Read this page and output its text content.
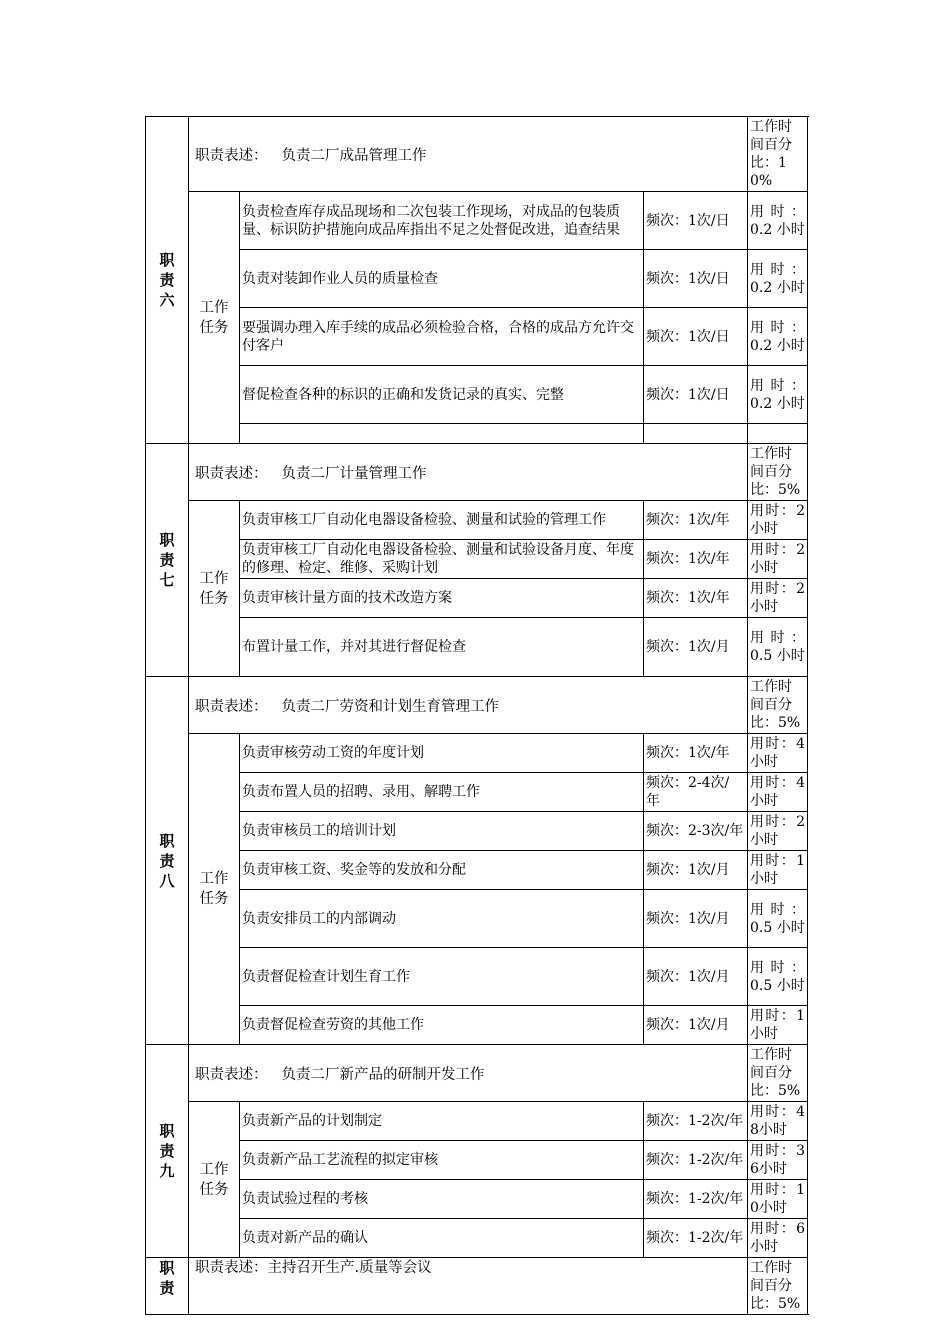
职责六	职责表述： 负责二厂成品管理工作			工作时间百分比：10%
	工作任务	负责检查库存成品现场和二次包装工作现场，对成品的包装质量、标识防护措施向成品库指出不足之处督促改进，追查结果	频次：1次/日	用时：0.2 小时
		负责对装卸作业人员的质量检查	频次：1次/日	用时：0.2 小时
		要强调办理入库手续的成品必须检验合格，合格的成品方允许交付客户	频次：1次/日	用时：0.2 小时
		督促检查各种的标识的正确和发货记录的真实、完整	频次：1次/日	用时：0.2 小时

职责七	职责表述： 负责二厂计量管理工作			工作时间百分比：5%
	工作任务	负责审核工厂自动化电器设备检验、测量和试验的管理工作	频次：1次/年	用时：2小时
		负责审核工厂自动化电器设备检验、测量和试验设备月度、年度的修理、检定、维修、采购计划	频次：1次/年	用时：2小时
		负责审核计量方面的技术改造方案	频次：1次/年	用时：2小时
		布置计量工作，并对其进行督促检查	频次：1次/月	用时：0.5 小时
职责八	职责表述： 负责二厂劳资和计划生育管理工作			工作时间百分比：5%
	工作任务	负责审核劳动工资的年度计划	频次：1次/年	用时：4小时
		负责布置人员的招聘、录用、解聘工作	频次：2-4次/ 年	用时：4小时
		负责审核员工的培训计划	频次：2-3次/年	用时：2小时
		负责审核工资、奖金等的发放和分配	频次：1次/月	用时：1小时
		负责安排员工的内部调动	频次：1次/月	用时：0.5 小时
		负责督促检查计划生育工作	频次：1次/月	用时：0.5 小时
		负责督促检查劳资的其他工作	频次：1次/月	用时：1小时
职责九	职责表述： 负责二厂新产品的研制开发工作			工作时间百分比：5%
	工作任务	负责新产品的计划制定	频次：1-2次/年	用时：48小时
		负责新产品工艺流程的拟定审核	频次：1-2次/年	用时：36小时
		负责试验过程的考核	频次：1-2次/年	用时：10小时
		负责对新产品的确认	频次：1-2次/年	用时：6小时
职责	职责表述：主持召开生产.质量等会议			工作时间百分比：5%
